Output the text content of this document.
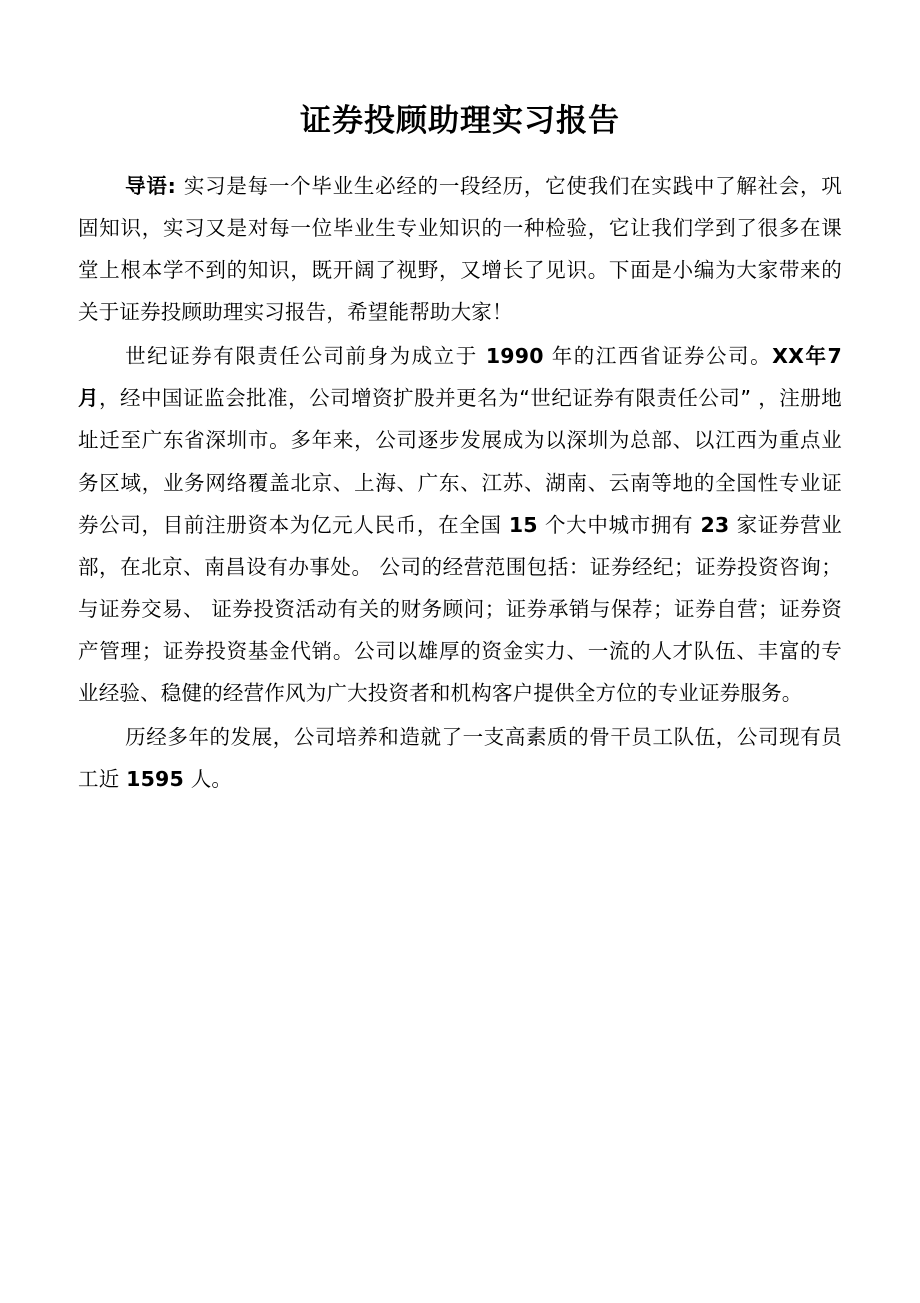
证券投顾助理实习报告
导语: 实习是每一个毕业生必经的一段经历，它使我们在实践中了解社会，巩固知识，实习又是对每一位毕业生专业知识的一种检验，它让我们学到了很多在课堂上根本学不到的知识，既开阔了视野，又增长了见识。下面是小编为大家带来的关于证券投顾助理实习报告，希望能帮助大家！
世纪证券有限责任公司前身为成立于 1990 年的江西省证券公司。XX年7月，经中国证监会批准，公司增资扩股并更名为“世纪证券有限责任公司” ，注册地址迁至广东省深圳市。多年来，公司逐步发展成为以深圳为总部、以江西为重点业务区域，业务网络覆盖北京、上海、广东、江苏、湖南、云南等地的全国性专业证券公司，目前注册资本为亿元人民币，在全国 15 个大中城市拥有 23 家证券营业部，在北京、南昌设有办事处。 公司的经营范围包括：证券经纪；证券投资咨询； 与证券交易、 证券投资活动有关的财务顾问；证券承销与保荐；证券自营；证券资产管理；证券投资基金代销。公司以雄厚的资金实力、一流的人才队伍、丰富的专业经验、稳健的经营作风为广大投资者和机构客户提供全方位的专业证券服务。
历经多年的发展，公司培养和造就了一支高素质的骨干员工队伍，公司现有员工近 1595 人。
